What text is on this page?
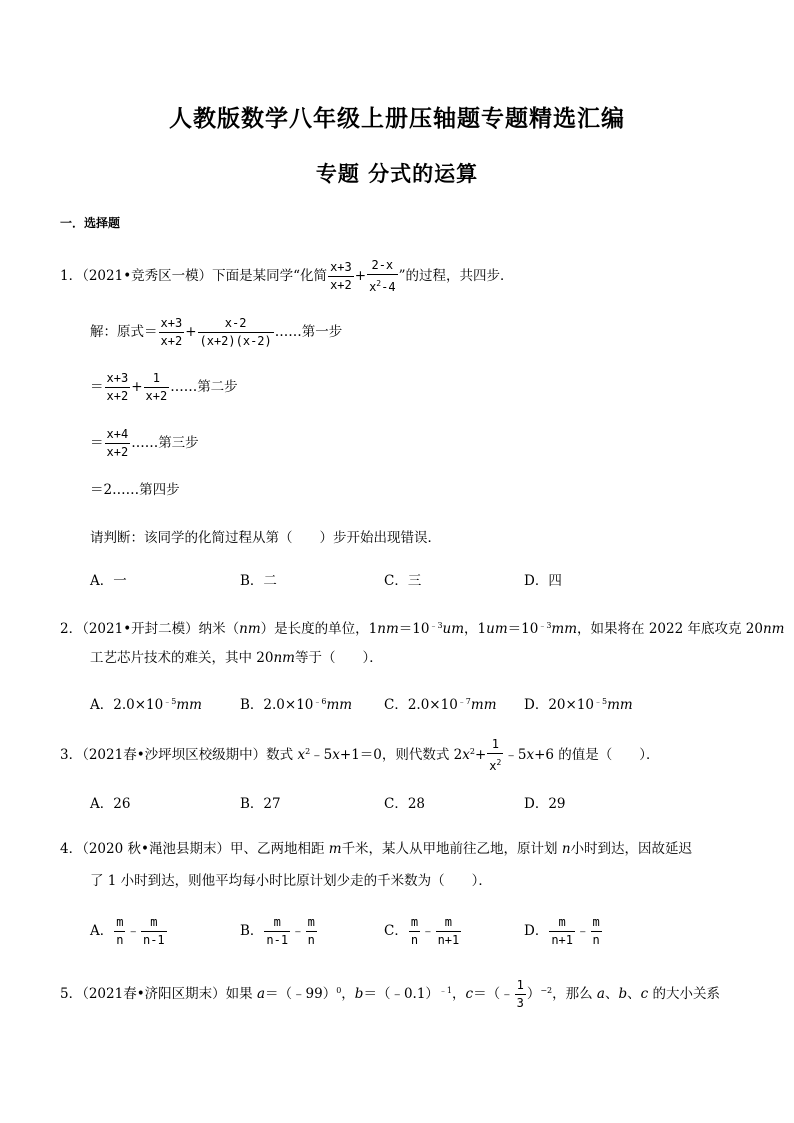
人教版数学八年级上册压轴题专题精选汇编
专题 分式的运算
一．选择题
1．（2021•竞秀区一模）下面是某同学“化简 $\frac{x+3}{x+2} + \frac{2-x}{x^2-4}$ ”的过程，共四步．
解：原式＝ $\frac{x+3}{x+2} + \frac{x-2}{(x+2)(x-2)}$ ……第一步
＝ $\frac{x+3}{x+2} + \frac{1}{x+2}$ ……第二步
＝ $\frac{x+4}{x+2}$ ……第三步
＝2……第四步
请判断：该同学的化简过程从第（　　）步开始出现错误．
A．一	B．二	C．三	D．四
2．（2021•开封二模）纳米（nm）是长度的单位，$1nm=10^{﹣3}um$，$1um=10^{﹣3}mm$，如果将在 2022 年底攻克 20nm
工艺芯片技术的难关，其中 20nm等于（　　）．
A．$2.0\times 10^{﹣5}mm$	B．$2.0\times 10^{﹣6}mm$ C．$2.0\times 10^{﹣7}mm$ D．$20\times 10^{﹣5}mm$
3．（2021春•沙坪坝区校级期中）数式 $x^2﹣5x+1=0$，则代数式 $2x^2+ \frac{1}{x^2}$ ﹣5x+6 的值是（　　）．
A．26	B．27	C．28	D．29
4．（2020 秋•渑池县期末）甲、乙两地相距 m千米，某人从甲地前往乙地，原计划 n小时到达，因故延迟
了 1 小时到达，则他平均每小时比原计划少走的千米数为（　　）．
A． $\frac{m}{n}$ ﹣ $\frac{m}{n-1}$	B． $\frac{m}{n-1}$ ﹣ $\frac{m}{n}$	C． $\frac{m}{n}$ ﹣ $\frac{m}{n+1}$	D． $\frac{m}{n+1}$ ﹣ $\frac{m}{n}$
5．（2021春•济阳区期末）如果 a＝（﹣99）$^0$，b＝（﹣0.1）$^{﹣1}$，c＝（﹣ $\frac{1}{3} )^{-2}$，那么 a、b、c 的大小关系
